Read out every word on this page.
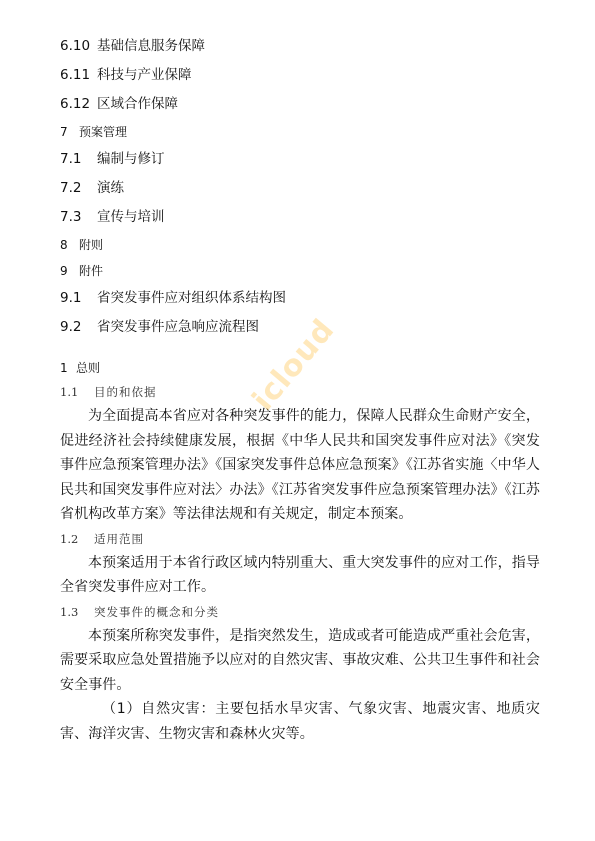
6.10 基础信息服务保障
6.11 科技与产业保障
6.12 区域合作保障
7 预案管理
7.1	编制与修订
7.2	演练
7.3	宣传与培训
8 附则
9 附件
9.1	省突发事件应对组织体系结构图
9.2	省突发事件应急响应流程图
1 总则
1.1 目的和依据

为全面提高本省应对各种突发事件的能力，保障人民群众生命财产安全，促进经济社会持续健康发展，根据《中华人民共和国突发事件应对法》《突发事件应急预案管理办法》《国家突发事件总体应急预案》《江苏省实施〈中华人民共和国突发事件应对法〉办法》《江苏省突发事件应急预案管理办法》《江苏省机构改革方案》等法律法规和有关规定，制定本预案。

1.2 适用范围

本预案适用于本省行政区域内特别重大、重大突发事件的应对工作，指导全省突发事件应对工作。

1.3 突发事件的概念和分类

本预案所称突发事件，是指突然发生，造成或者可能造成严重社会危害，需要采取应急处置措施予以应对的自然灾害、事故灾难、公共卫生事件和社会安全事件。

（1）自然灾害：主要包括水旱灾害、气象灾害、地震灾害、地质灾害、海洋灾害、生物灾害和森林火灾等。

icloud
